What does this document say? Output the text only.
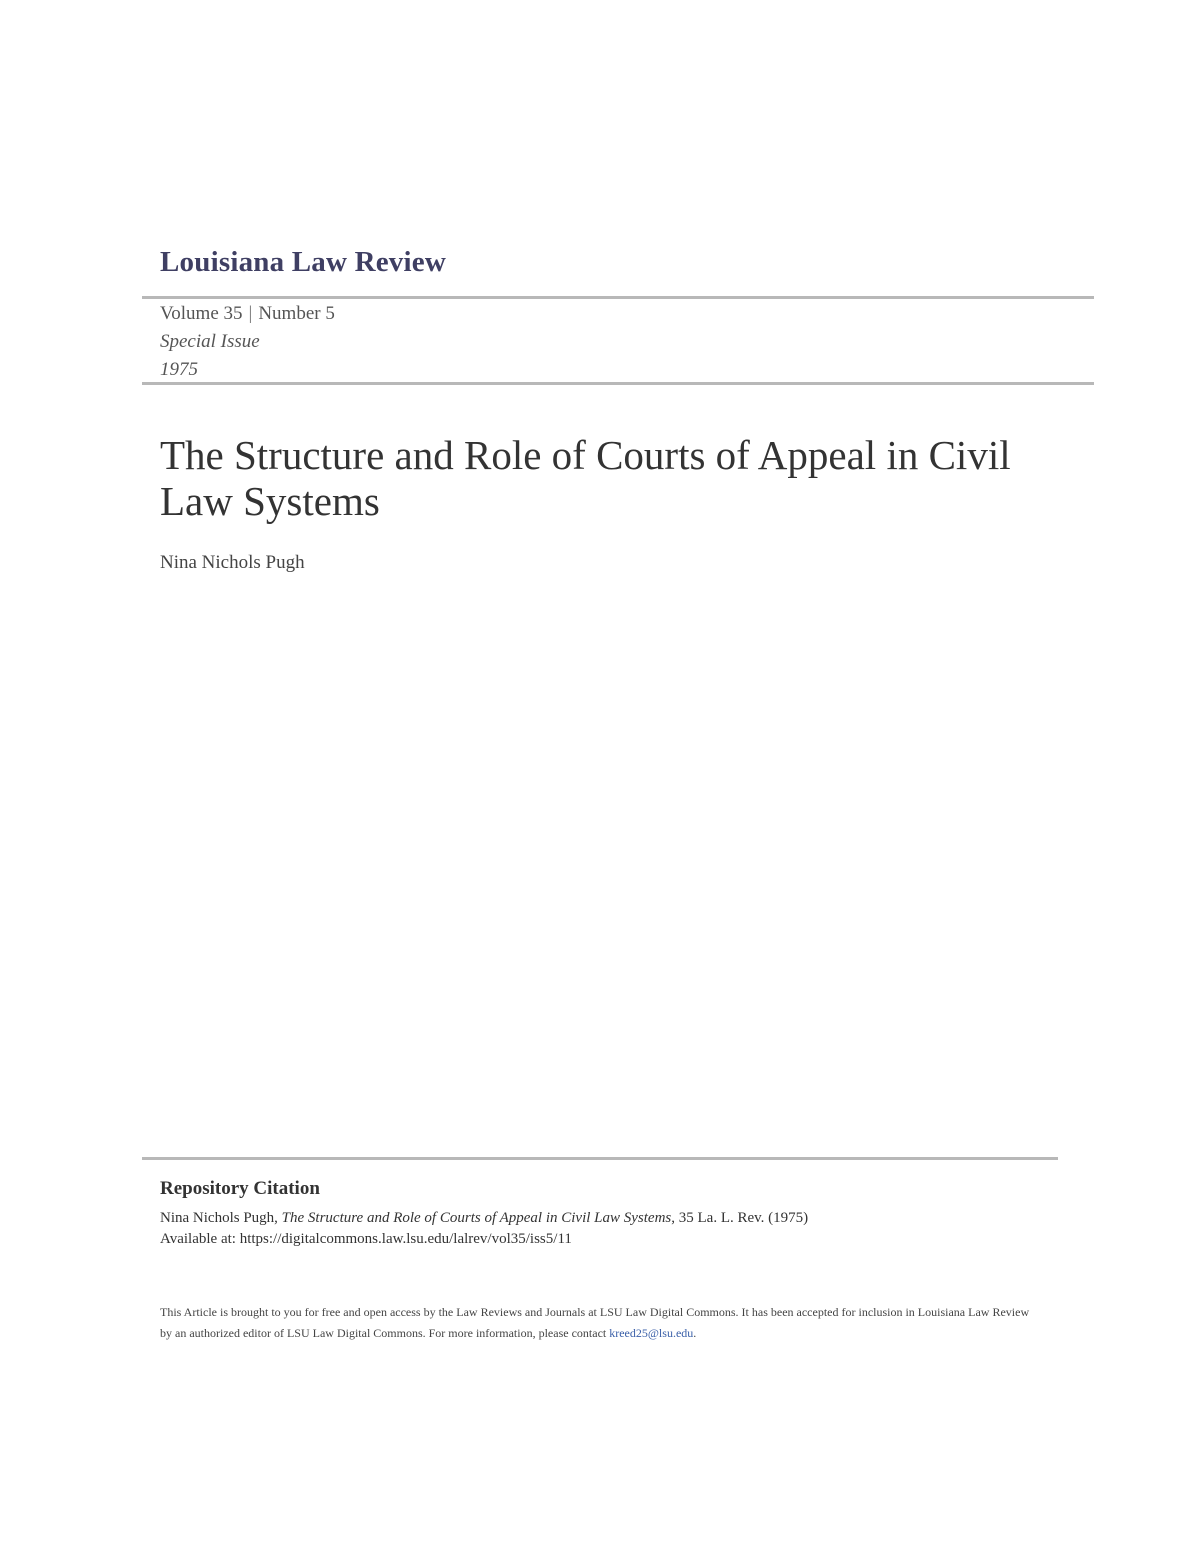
Louisiana Law Review
Volume 35 | Number 5
Special Issue
1975
The Structure and Role of Courts of Appeal in Civil Law Systems
Nina Nichols Pugh
Repository Citation
Nina Nichols Pugh, The Structure and Role of Courts of Appeal in Civil Law Systems, 35 La. L. Rev. (1975)
Available at: https://digitalcommons.law.lsu.edu/lalrev/vol35/iss5/11
This Article is brought to you for free and open access by the Law Reviews and Journals at LSU Law Digital Commons. It has been accepted for inclusion in Louisiana Law Review by an authorized editor of LSU Law Digital Commons. For more information, please contact kreed25@lsu.edu.
